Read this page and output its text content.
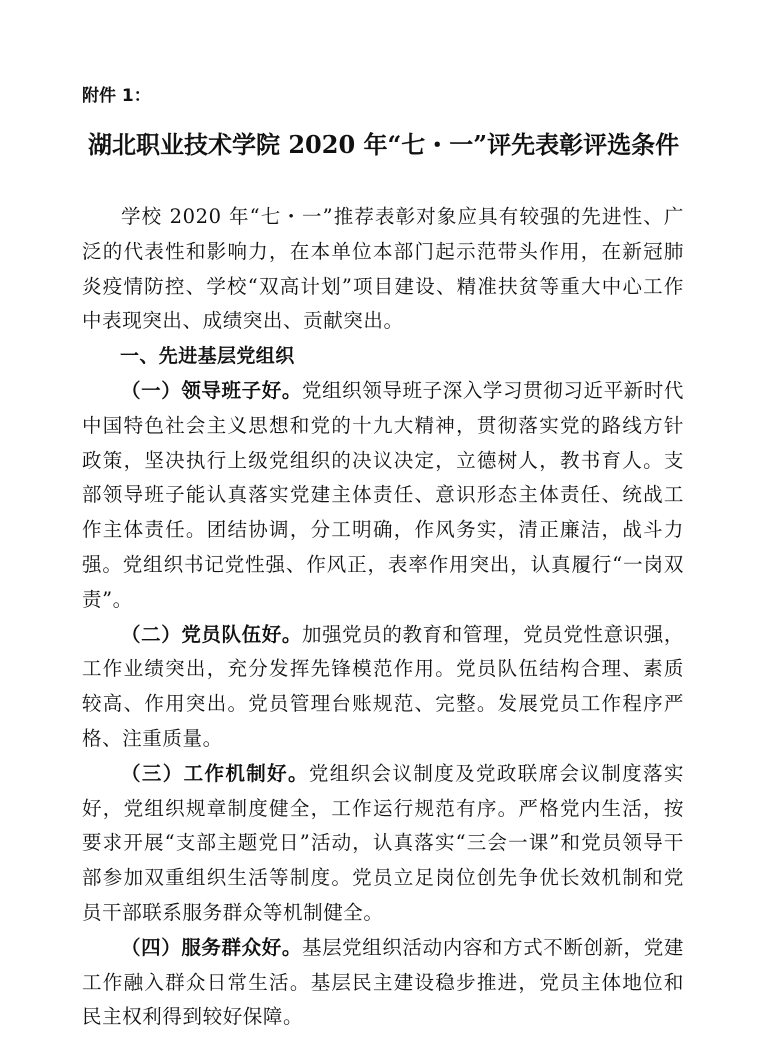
附件 1：
湖北职业技术学院 2020 年“七・一”评先表彰评选条件

学校 2020 年“七・一”推荐表彰对象应具有较强的先进性、广泛的代表性和影响力，在本单位本部门起示范带头作用，在新冠肺炎疫情防控、学校“双高计划”项目建设、精准扶贫等重大中心工作中表现突出、成绩突出、贡献突出。

一、先进基层党组织

（一）领导班子好。党组织领导班子深入学习贯彻习近平新时代中国特色社会主义思想和党的十九大精神，贯彻落实党的路线方针政策，坚决执行上级党组织的决议决定，立德树人，教书育人。支部领导班子能认真落实党建主体责任、意识形态主体责任、统战工作主体责任。团结协调，分工明确，作风务实，清正廉洁，战斗力强。党组织书记党性强、作风正，表率作用突出，认真履行“一岗双责”。

（二）党员队伍好。加强党员的教育和管理，党员党性意识强，工作业绩突出，充分发挥先锋模范作用。党员队伍结构合理、素质较高、作用突出。党员管理台账规范、完整。发展党员工作程序严格、注重质量。

（三）工作机制好。党组织会议制度及党政联席会议制度落实好，党组织规章制度健全，工作运行规范有序。严格党内生活，按要求开展“支部主题党日”活动，认真落实“三会一课”和党员领导干部参加双重组织生活等制度。党员立足岗位创先争优长效机制和党员干部联系服务群众等机制健全。

（四）服务群众好。基层党组织活动内容和方式不断创新，党建工作融入群众日常生活。基层民主建设稳步推进，党员主体地位和民主权利得到较好保障。
